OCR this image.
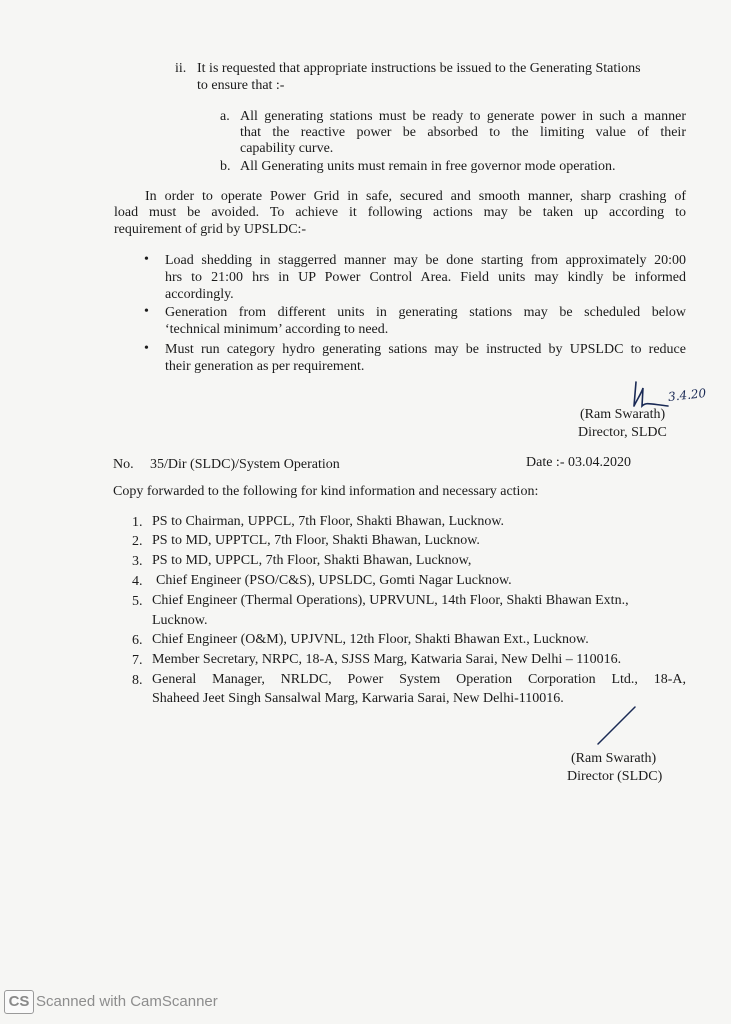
ii. It is requested that appropriate instructions be issued to the Generating Stations
to ensure that :-
a. All generating stations must be ready to generate power in such a manner
that the reactive power be absorbed to the limiting value of their
capability curve.
b. All Generating units must remain in free governor mode operation.
In order to operate Power Grid in safe, secured and smooth manner, sharp crashing of
load must be avoided. To achieve it following actions may be taken up according to
requirement of grid by UPSLDC:-
• Load shedding in staggerred manner may be done starting from approximately 20:00
hrs to 21:00 hrs in UP Power Control Area. Field units may kindly be informed
accordingly.
• Generation from different units in generating stations may be scheduled below
‘technical minimum’ according to need.
• Must run category hydro generating sations may be instructed by UPSLDC to reduce
their generation as per requirement.
3.4.20
(Ram Swarath)
Director, SLDC
No. 35/Dir (SLDC)/System Operation	Date :- 03.04.2020
Copy forwarded to the following for kind information and necessary action:
1. PS to Chairman, UPPCL, 7th Floor, Shakti Bhawan, Lucknow.
2. PS to MD, UPPTCL, 7th Floor, Shakti Bhawan, Lucknow.
3. PS to MD, UPPCL, 7th Floor, Shakti Bhawan, Lucknow,
4. Chief Engineer (PSO/C&S), UPSLDC, Gomti Nagar Lucknow.
5. Chief Engineer (Thermal Operations), UPRVUNL, 14th Floor, Shakti Bhawan Extn.,
Lucknow.
6. Chief Engineer (O&M), UPJVNL, 12th Floor, Shakti Bhawan Ext., Lucknow.
7. Member Secretary, NRPC, 18-A, SJSS Marg, Katwaria Sarai, New Delhi – 110016.
8. General Manager, NRLDC, Power System Operation Corporation Ltd., 18-A,
Shaheed Jeet Singh Sansalwal Marg, Karwaria Sarai, New Delhi-110016.
(Ram Swarath)
Director (SLDC)
CS Scanned with CamScanner
